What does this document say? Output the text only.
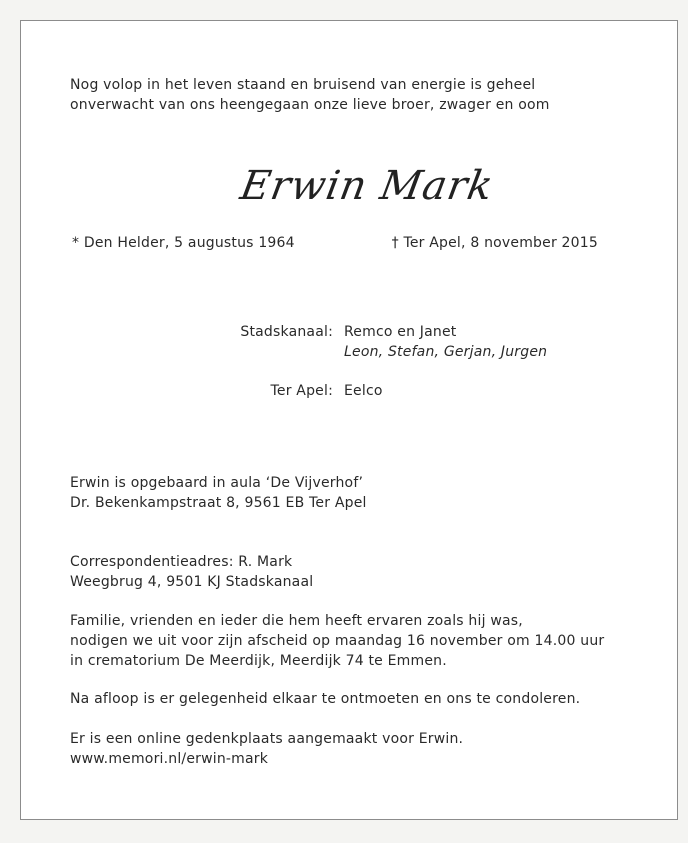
Nog volop in het leven staand en bruisend van energie is geheel
onverwacht van ons heengegaan onze lieve broer, zwager en oom
Erwin Mark
* Den Helder, 5 augustus 1964	† Ter Apel, 8 november 2015
Stadskanaal: Remco en Janet
Leon, Stefan, Gerjan, Jurgen
Ter Apel: Eelco
Erwin is opgebaard in aula ‘De Vijverhof’
Dr. Bekenkampstraat 8, 9561 EB Ter Apel
Correspondentieadres: R. Mark
Weegbrug 4, 9501 KJ Stadskanaal
Familie, vrienden en ieder die hem heeft ervaren zoals hij was,
nodigen we uit voor zijn afscheid op maandag 16 november om 14.00 uur
in crematorium De Meerdijk, Meerdijk 74 te Emmen.
Na afloop is er gelegenheid elkaar te ontmoeten en ons te condoleren.
Er is een online gedenkplaats aangemaakt voor Erwin.
www.memori.nl/erwin-mark
